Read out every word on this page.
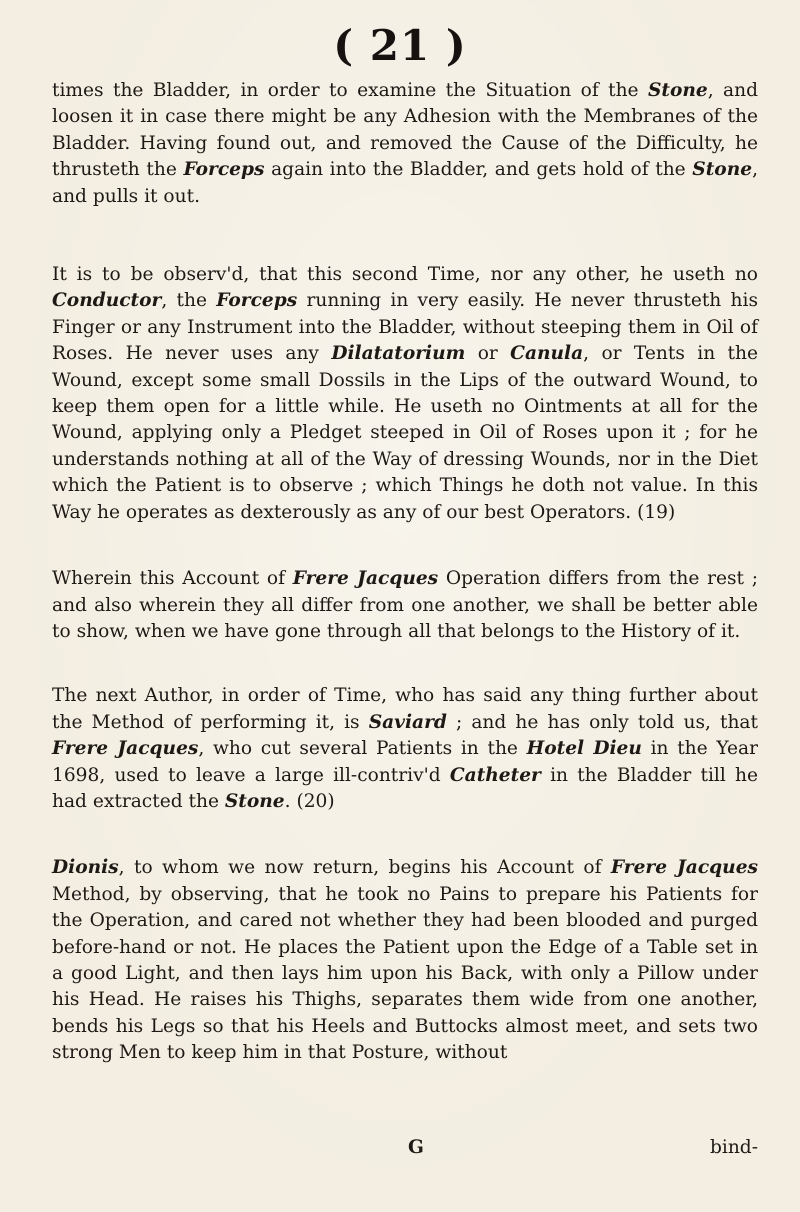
( 21 )

times the Bladder, in order to examine the Situation of the Stone, and loosen it in case there might be any Adhesion with the Membranes of the Bladder. Having found out, and removed the Cause of the Difficulty, he thrusteth the Forceps again into the Bladder, and gets hold of the Stone, and pulls it out.

It is to be observ'd, that this second Time, nor any other, he useth no Conductor, the Forceps running in very easily. He never thrusteth his Finger or any Instrument into the Bladder, without steeping them in Oil of Roses. He never uses any Dilatatorium or Canula, or Tents in the Wound, except some small Dossils in the Lips of the outward Wound, to keep them open for a little while. He useth no Ointments at all for the Wound, applying only a Pledget steeped in Oil of Roses upon it ; for he understands nothing at all of the Way of dressing Wounds, nor in the Diet which the Patient is to observe ; which Things he doth not value. In this Way he operates as dexterously as any of our best Operators. (19)

Wherein this Account of Frere Jacques Operation differs from the rest ; and also wherein they all differ from one another, we shall be better able to show, when we have gone through all that belongs to the History of it.

The next Author, in order of Time, who has said any thing further about the Method of performing it, is Saviard ; and he has only told us, that Frere Jacques, who cut several Patients in the Hotel Dieu in the Year 1698, used to leave a large ill-contriv'd Catheter in the Bladder till he had extracted the Stone. (20)

Dionis, to whom we now return, begins his Account of Frere Jacques Method, by observing, that he took no Pains to prepare his Patients for the Operation, and cared not whether they had been blooded and purged before-hand or not. He places the Patient upon the Edge of a Table set in a good Light, and then lays him upon his Back, with only a Pillow under his Head. He raises his Thighs, separates them wide from one another, bends his Legs so that his Heels and Buttocks almost meet, and sets two strong Men to keep him in that Posture, without

G	bind-
